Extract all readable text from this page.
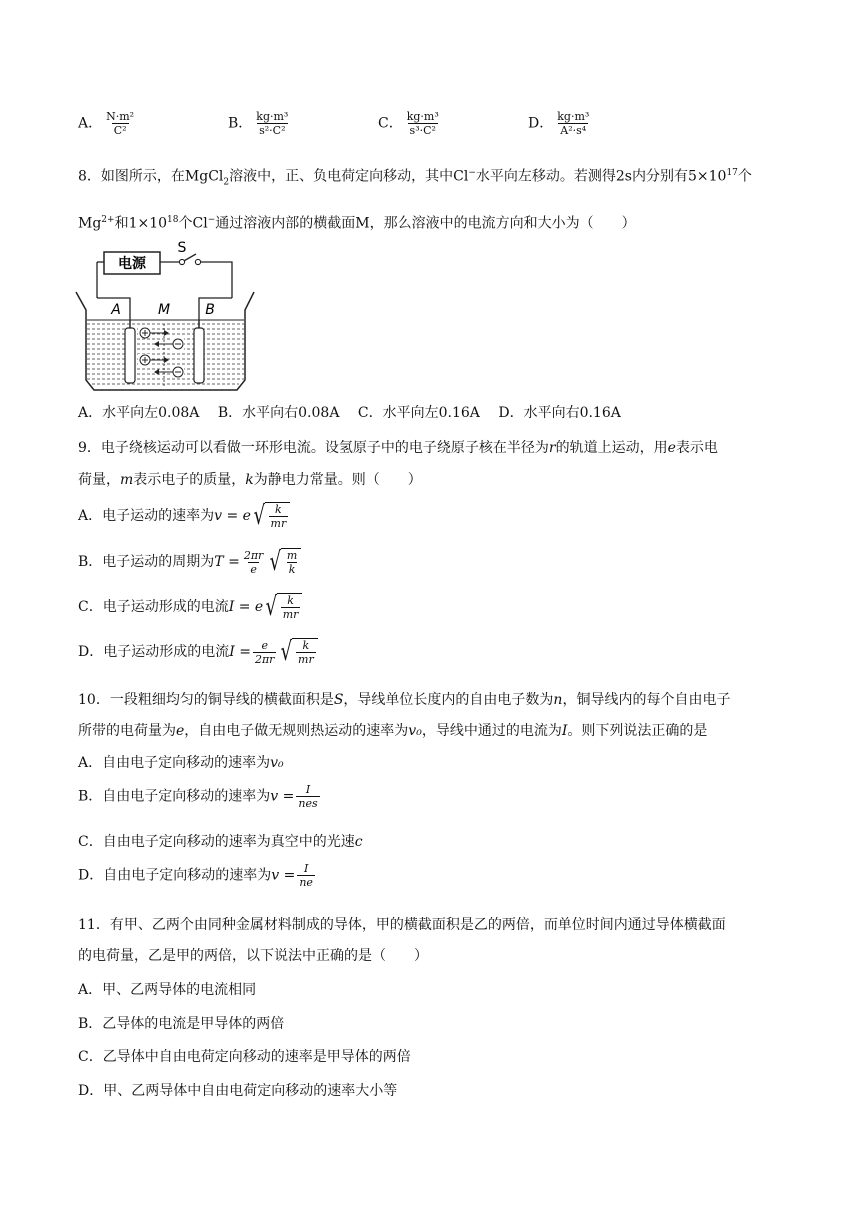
A． $\frac{\text{N·m²}}{\text{C²}}$	B． $\frac{\text{kg·m³}}{\text{s²·C²}}$	C． $\frac{\text{kg·m³}}{\text{s³·C²}}$	D． $\frac{\text{kg·m³}}{\text{A²·s⁴}}$
8．如图所示，在MgCl$_2$溶液中，正、负电荷定向移动，其中Cl−水平向左移动。若测得2s内分别有$5\times 10^{17}$个
$Mg^{2+}$和$1\times 10^{18}$个Cl−通过溶液内部的横截面M，那么溶液中的电流方向和大小为（　　）
电源
S
A	M	B
A．水平向左0.08A B．水平向右0.08A C．水平向左0.16A D．水平向右0.16A
9．电子绕核运动可以看做一环形电流。设氢原子中的电子绕原子核在半径为r的轨道上运动，用e表示电
荷量，m表示电子的质量，k为静电力常量。则（　　）
A．电子运动的速率为v = e √ $\frac{k}{mr}$
B．电子运动的周期为$T = \frac{2\pi r}{e}$ √ $\frac{m}{k}$
C．电子运动形成的电流I = e √ $\frac{k}{mr}$
D．电子运动形成的电流$I = \frac{e}{2\pi r}$ √ $\frac{k}{mr}$
10．一段粗细均匀的铜导线的横截面积是S，导线单位长度内的自由电子数为n，铜导线内的每个自由电子
所带的电荷量为e，自由电子做无规则热运动的速率为v₀，导线中通过的电流为I。则下列说法正确的是
A．自由电子定向移动的速率为v₀
B．自由电子定向移动的速率为$v = \frac{I}{\text{nes}}$
C．自由电子定向移动的速率为真空中的光速c
D．自由电子定向移动的速率为$v = \frac{I}{ne}$
11．有甲、乙两个由同种金属材料制成的导体，甲的横截面积是乙的两倍，而单位时间内通过导体横截面
的电荷量，乙是甲的两倍，以下说法中正确的是（　　）
A．甲、乙两导体的电流相同
B．乙导体的电流是甲导体的两倍
C．乙导体中自由电荷定向移动的速率是甲导体的两倍
D．甲、乙两导体中自由电荷定向移动的速率大小等
